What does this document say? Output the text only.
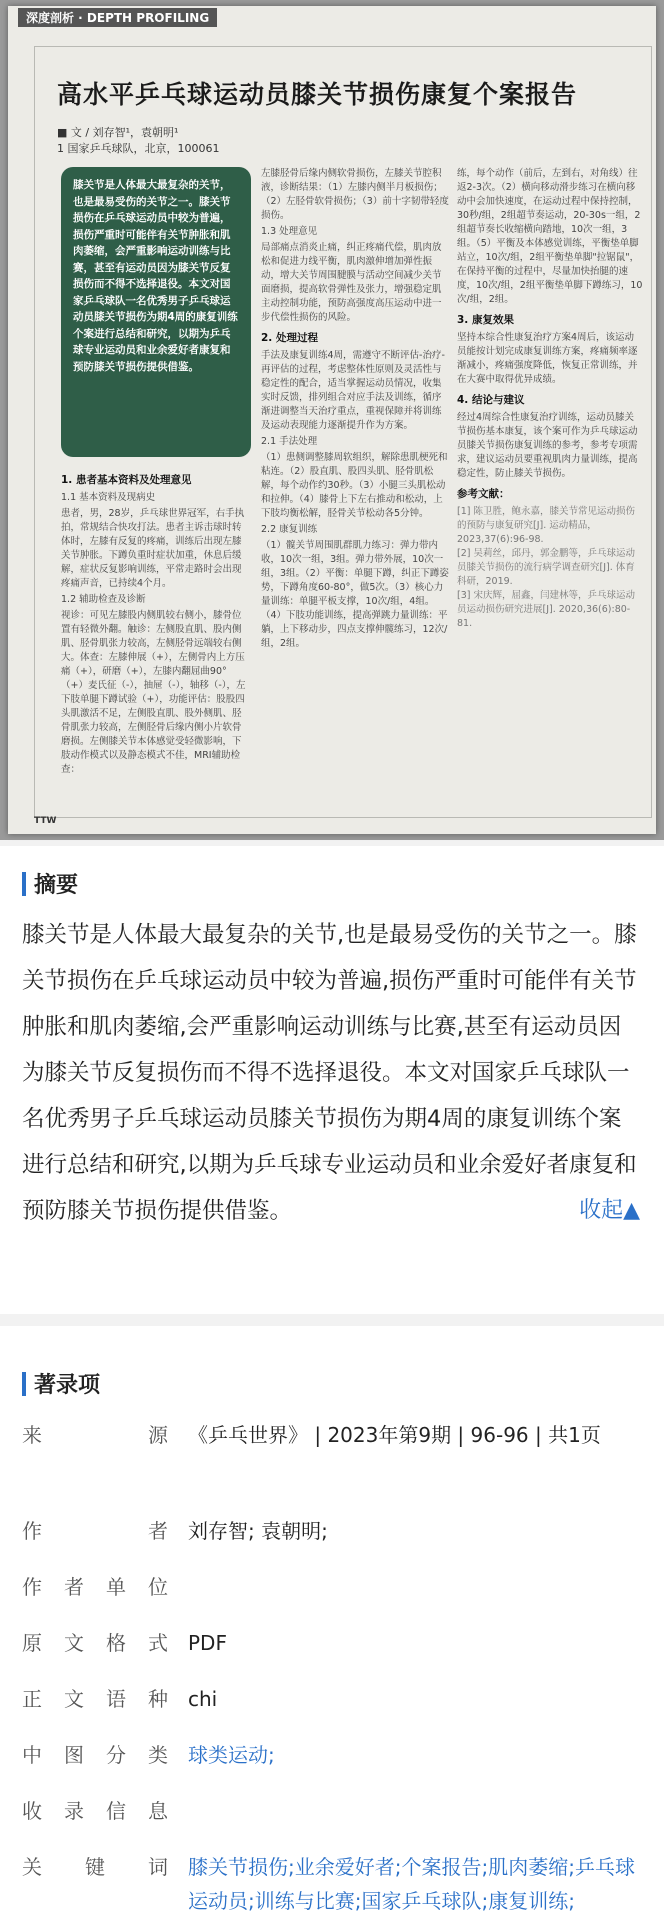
深度剖析 · DEPTH PROFILING
高水平乒乓球运动员膝关节损伤康复个案报告
■ 文 / 刘存智¹，袁朝明¹
1 国家乒乓球队，北京，100061
膝关节是人体最大最复杂的关节，也是最易受伤的关节之一。膝关节损伤在乒乓球运动员中较为普遍，损伤严重时可能伴有关节肿胀和肌肉萎缩，会严重影响运动训练与比赛，甚至有运动员因为膝关节反复损伤而不得不选择退役。本文对国家乒乓球队一名优秀男子乒乓球运动员膝关节损伤为期4周的康复训练个案进行总结和研究，以期为乒乓球专业运动员和业余爱好者康复和预防膝关节损伤提供借鉴。
1. 患者基本资料及处理意见

1.1 基本资料及现病史

患者，男，28岁，乒乓球世界冠军，右手执拍，常规结合快攻打法。患者主诉击球时转体时，左膝有反复的疼痛，训练后出现左膝关节肿胀。下蹲负重时症状加重，休息后缓解，症状反复影响训练，平常走路时会出现疼痛声音，已持续4个月。

1.2 辅助检查及诊断

视诊：可见左膝股内侧肌较右侧小，膝骨位置有轻微外翻。触诊：左侧股直肌、股内侧肌、胫骨肌张力较高，左侧胫骨远端较右侧大。体查：左膝伸展（+），左侧骨内上方压痛（+），研磨（+），左膝内翻屈曲90°（+）麦氏征（-），抽屉（-），轴移（-），左下肢单腿下蹲试验（+），功能评估：股股四头肌激活不足，左侧股直肌、股外侧肌、胫骨肌张力较高，左侧胫骨后缘内侧小片软骨磨损。左侧膝关节本体感觉受轻微影响，下肢动作模式以及静态模式不佳，MRI辅助检查：

左膝胫骨后缘内侧软骨损伤，左膝关节腔积液，诊断结果：（1）左膝内侧半月板损伤；（2）左胫骨软骨损伤；（3）前十字韧带轻度损伤。

1.3 处理意见

局部痛点消炎止痛，纠正疼痛代偿，肌肉放松和促进力线平衡，肌肉激伸增加弹性振动，增大关节周围腱膜与活动空间减少关节面磨损，提高软骨弹性及张力，增强稳定肌主动控制功能，预防高强度高压运动中进一步代偿性损伤的风险。

2. 处理过程

手法及康复训练4周，需遵守不断评估-治疗-再评估的过程，考虑整体性原则及灵活性与稳定性的配合，适当掌握运动员情况，收集实时反馈，排列组合对应手法及训练，循序渐进调整当天治疗重点，重视保障并将训练及运动表现能力逐渐提升作为方案。

2.1 手法处理

（1）患侧调整膝周软组织，解除患肌梗死和粘连。（2）股直肌、股四头肌、胫骨肌松解，每个动作约30秒。（3）小腿三头肌松动和拉伸。（4）膝骨上下左右推动和松动，上下肢均衡松解，胫骨关节松动各5分钟。

2.2 康复训练

（1）髋关节周围肌群肌力练习：弹力带内收，10次一组，3组。弹力带外展，10次一组，3组。（2）平衡：单腿下蹲，纠正下蹲姿势，下蹲角度60-80°，做5次。（3）核心力量训练：单腿平板支撑，10次/组，4组。（4）下肢功能训练，提高弹跳力量训练：平躺，上下移动步，四点支撑伸髋练习，12次/组，2组。

练，每个动作（前后，左到右，对角线）往返2-3次。（2）横向移动滑步练习在横向移动中会加快速度，在运动过程中保持控制，30秒/组，2组超节奏运动，20-30s一组，2组超节奏长收缩横向踏地，10次一组，3组。（5）平衡及本体感觉训练，平衡垫单脚站立，10次/组，2组平衡垫单脚"拉锯鼠"，在保持平衡的过程中，尽量加快抬腿的速度，10次/组，2组平衡垫单脚下蹲练习，10次/组，2组。

3. 康复效果

坚持本综合性康复治疗方案4周后，该运动员能按计划完成康复训练方案，疼痛频率逐渐减小，疼痛强度降低，恢复正常训练，并在大赛中取得优异成绩。

4. 结论与建议

经过4周综合性康复治疗训练，运动员膝关节损伤基本康复，该个案可作为乒乓球运动员膝关节损伤康复训练的参考，参考专项需求，建议运动员要重视肌肉力量训练，提高稳定性，防止膝关节损伤。

参考文献：

[1] 陈卫胜，鲍永嘉，膝关节常见运动损伤的预防与康复研究[J]. 运动精品，2023,37(6):96-98.
[2] 吴莉丝，邱丹，郭金鹏等，乒乓球运动员膝关节损伤的流行病学调查研究[J]. 体育科研，2019.
[3] 宋庆辉，屈鑫，闫建林等，乒乓球运动员运动损伤研究进展[J]. 2020,36(6):80-81.

TTW
摘要
膝关节是人体最大最复杂的关节,也是最易受伤的关节之一。膝关节损伤在乒乓球运动员中较为普遍,损伤严重时可能伴有关节肿胀和肌肉萎缩,会严重影响运动训练与比赛,甚至有运动员因为膝关节反复损伤而不得不选择退役。本文对国家乒乓球队一名优秀男子乒乓球运动员膝关节损伤为期4周的康复训练个案进行总结和研究,以期为乒乓球专业运动员和业余爱好者康复和预防膝关节损伤提供借鉴。	收起▲
著录项
来　　源 《乒乓世界》 | 2023年第9期 | 96-96 | 共1页
作　　者 刘存智; 袁朝明;
作者单位
原文格式 PDF
正文语种 chi
中图分类 球类运动;
收录信息
关 键 词 膝关节损伤;业余爱好者;个案报告;肌肉萎缩;乒乓球运动员;训练与比赛;国家乒乓球队;康复训练;
